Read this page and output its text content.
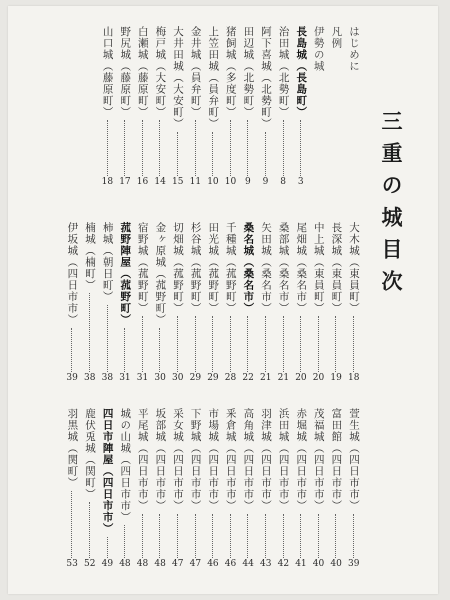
三重の城目次
はじめに
凡例
伊勢の城
長島城（長島町）
3
治田城（北勢町）
8
阿下喜城（北勢町）
9
田辺城（北勢町）
9
猪飼城（多度町）
10
上笠田城（員弁町）
10
金井城（員弁町）
11
大井田城（大安町）
15
梅戸城（大安町）
14
白瀬城（藤原町）
16
野尻城（藤原町）
17
山口城（藤原町）
18
大木城（東員町）
18
長深城（東員町）
19
中上城（東員町）
20
尾畑城（桑名市）
20
桑部城（桑名市）
21
矢田城（桑名市）
21
桑名城（桑名市）
22
千種城（菰野町）
28
田光城（菰野町）
29
杉谷城（菰野町）
29
切畑城（菰野町）
30
金ヶ原城（菰野町）
30
宿野城（菰野町）
31
菰野陣屋（菰野町）
31
柿城（朝日町）
38
楠城（楠町）
38
伊坂城（四日市市）
39
萱生城（四日市市）
39
富田館（四日市市）
40
茂福城（四日市市）
40
赤堀城（四日市市）
41
浜田城（四日市市）
42
羽津城（四日市市）
43
高角城（四日市市）
44
釆倉城（四日市市）
46
市場城（四日市市）
46
下野城（四日市市）
47
采女城（四日市市）
47
坂部城（四日市市）
48
平尾城（四日市市）
48
城の山城（四日市市）
48
四日市陣屋（四日市市）
49
鹿伏兎城（関町）
52
羽黒城（関町）
53
